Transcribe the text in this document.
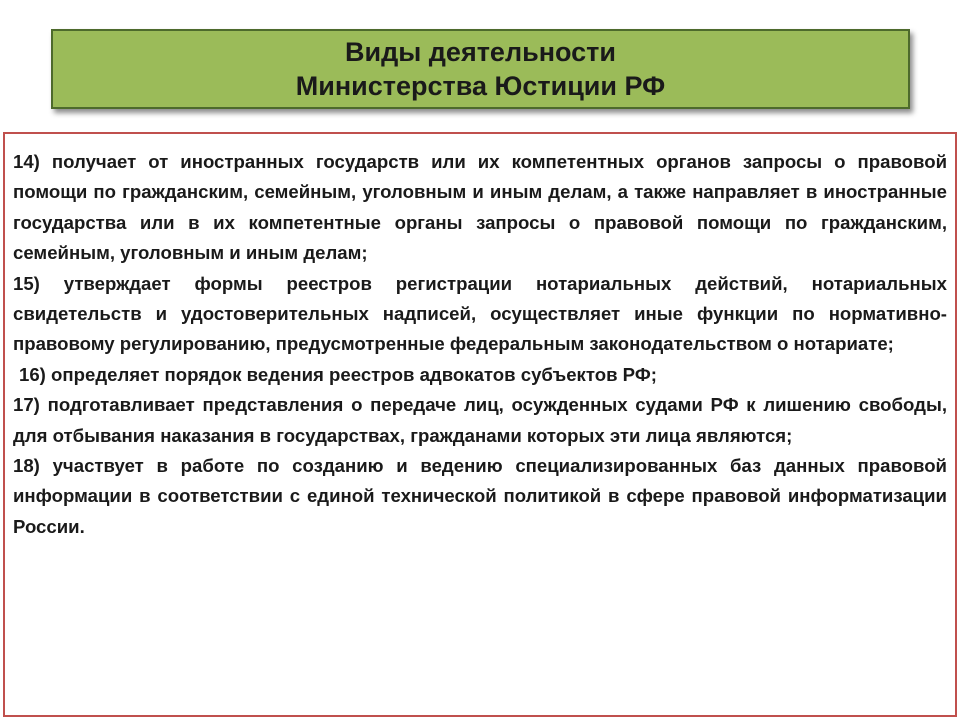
Виды деятельности
Министерства Юстиции РФ

14) получает от иностранных государств или их компетентных органов запросы о правовой помощи по гражданским, семейным, уголовным и иным делам, а также направляет в иностранные государства или в их компетентные органы запросы о правовой помощи по гражданским, семейным, уголовным и иным делам;

15) утверждает формы реестров регистрации нотариальных действий, нотариальных свидетельств и удостоверительных надписей, осуществляет иные функции по нормативно-правовому регулированию, предусмотренные федеральным законодательством о нотариате;

16) определяет порядок ведения реестров адвокатов субъектов РФ;

17) подготавливает представления о передаче лиц, осужденных судами РФ к лишению свободы, для отбывания наказания в государствах, гражданами которых эти лица являются;

18) участвует в работе по созданию и ведению специализированных баз данных правовой информации в соответствии с единой технической политикой в сфере правовой информатизации России.
